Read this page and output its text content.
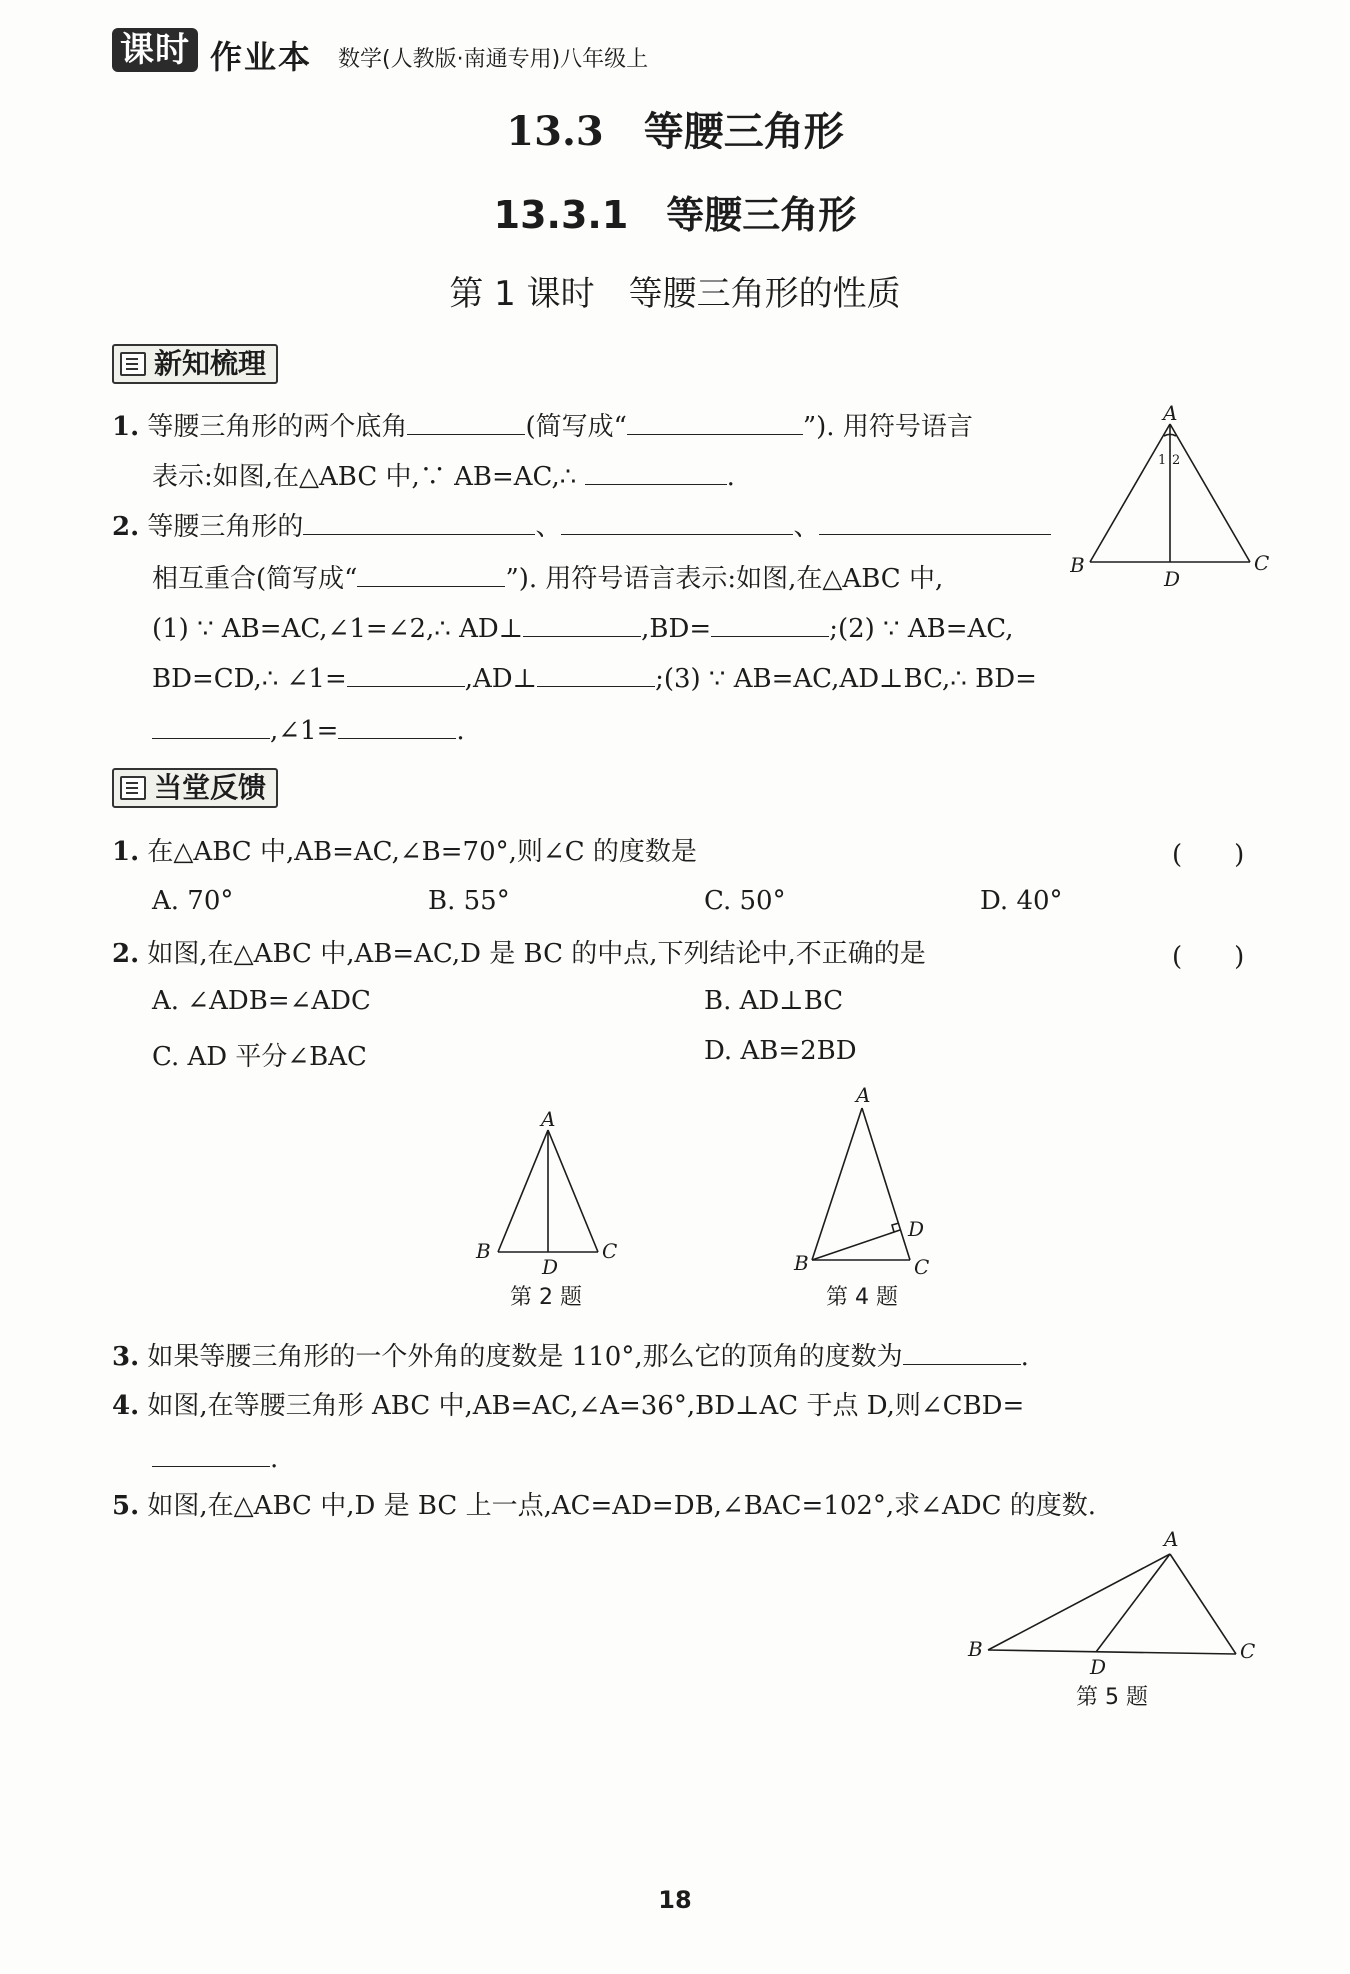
课时 作业本 数学(人教版·南通专用)八年级上
13.3　等腰三角形
13.3.1　等腰三角形
第 1 课时　等腰三角形的性质
新知梳理
1. 等腰三角形的两个底角	(简写成“	”). 用符号语言
表示:如图,在△ABC 中,∵ AB=AC,∴	.
2. 等腰三角形的	、	、
相互重合(简写成“	”). 用符号语言表示:如图,在△ABC 中,
(1) ∵ AB=AC,∠1=∠2,∴ AD⊥	,BD=	;(2) ∵ AB=AC,
BD=CD,∴ ∠1=	,AD⊥	;(3) ∵ AB=AC,AD⊥BC,∴ BD=
,∠1=	.
A
B	C
D
1 2
当堂反馈
1. 在△ABC 中,AB=AC,∠B=70°,则∠C 的度数是	(　　)
A. 70°	B. 55°	C. 50°	D. 40°
2. 如图,在△ABC 中,AB=AC,D 是 BC 的中点,下列结论中,不正确的是	(　　)
A. ∠ADB=∠ADC	B. AD⊥BC
C. AD 平分∠BAC	D. AB=2BD
A
B	C
D
第 2 题
A
B	C
D
第 4 题
3. 如果等腰三角形的一个外角的度数是 110°,那么它的顶角的度数为	.
4. 如图,在等腰三角形 ABC 中,AB=AC,∠A=36°,BD⊥AC 于点 D,则∠CBD=
.
5. 如图,在△ABC 中,D 是 BC 上一点,AC=AD=DB,∠BAC=102°,求∠ADC 的度数.
A
B	C
D
第 5 题
18
